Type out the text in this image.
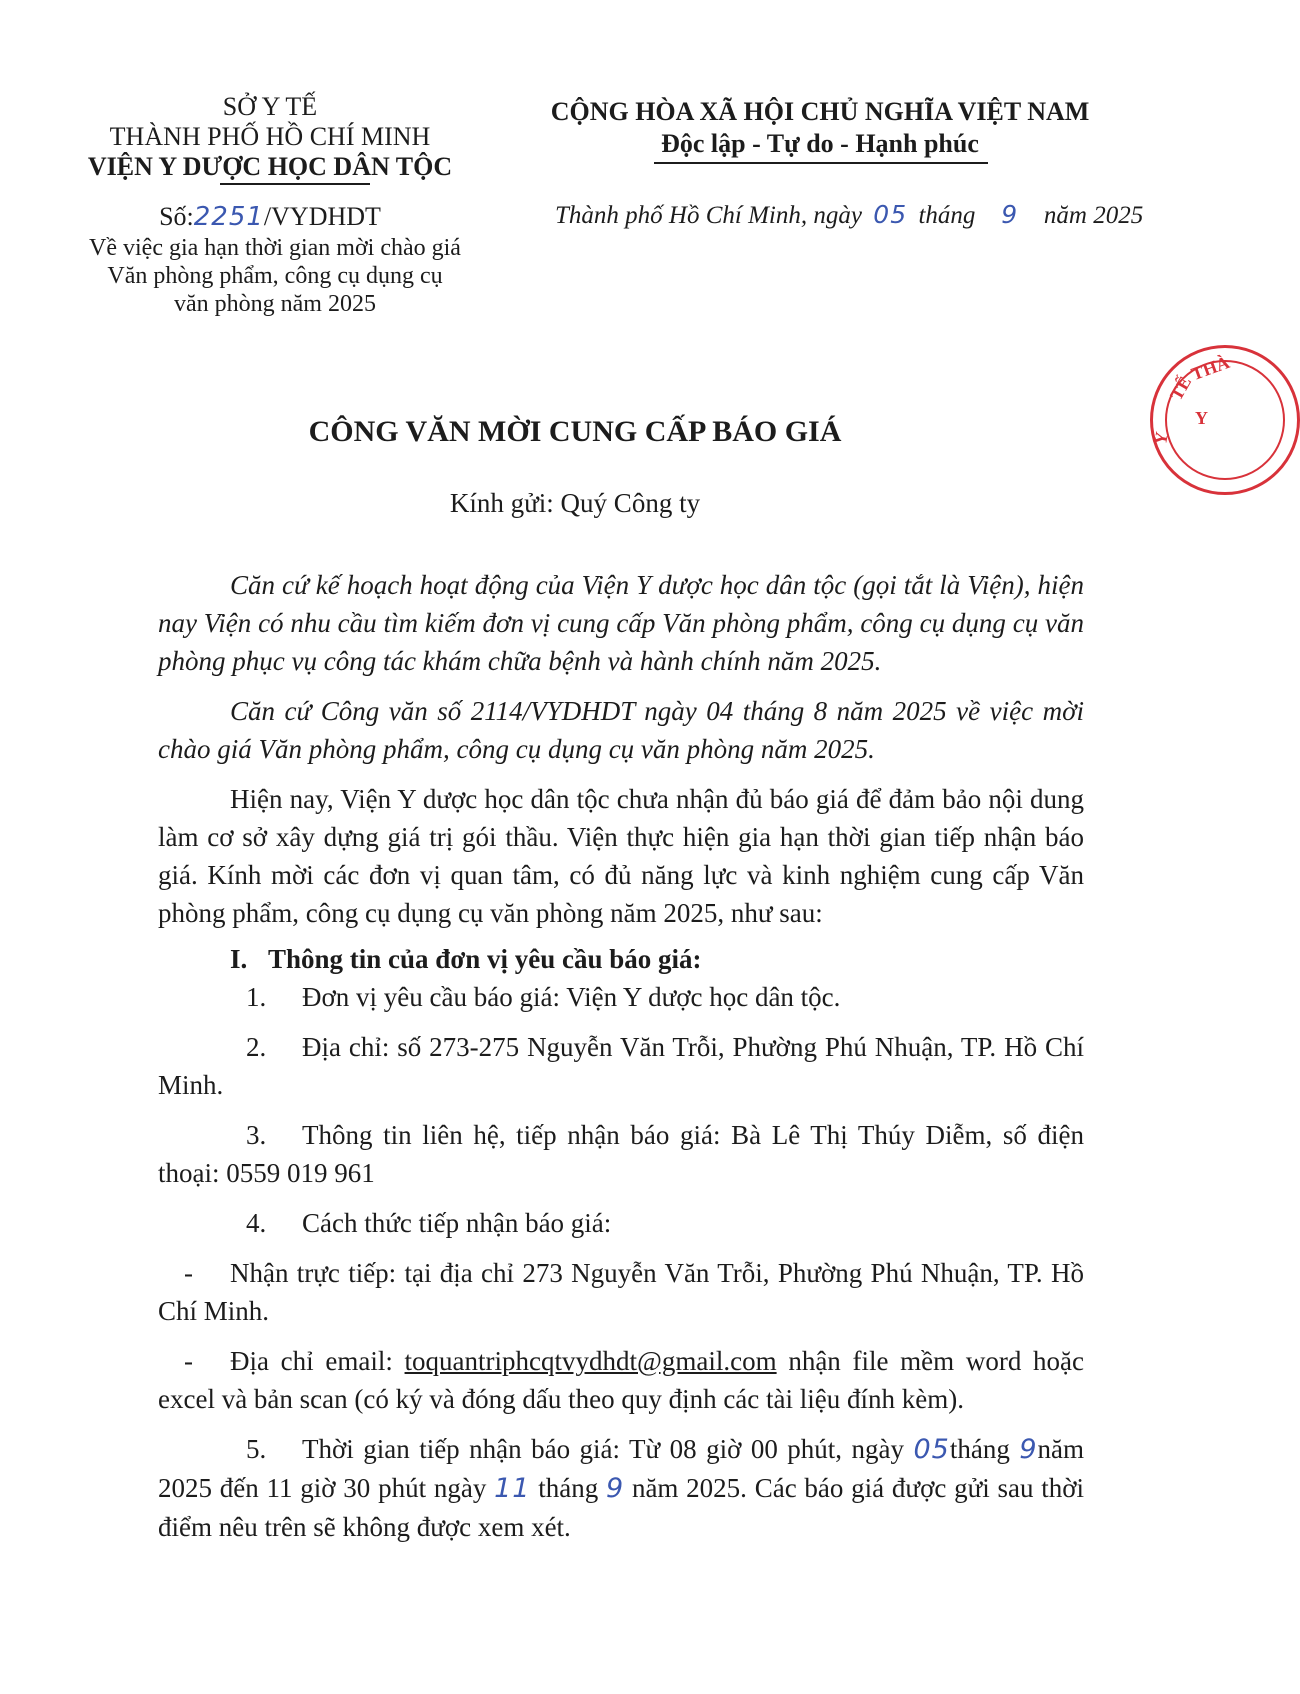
SỞ Y TẾ
THÀNH PHỐ HỒ CHÍ MINH
VIỆN Y DƯỢC HỌC DÂN TỘC
Số:2251/VYDHDT
Về việc gia hạn thời gian mời chào giá
Văn phòng phẩm, công cụ dụng cụ
văn phòng năm 2025
CỘNG HÒA XÃ HỘI CHỦ NGHĨA VIỆT NAM
Độc lập - Tự do - Hạnh phúc
Thành phố Hồ Chí Minh, ngày 05 tháng 9 năm 2025
TẾ
THÀ
Y
Y
CÔNG VĂN MỜI CUNG CẤP BÁO GIÁ
Kính gửi: Quý Công ty

Căn cứ kế hoạch hoạt động của Viện Y dược học dân tộc (gọi tắt là Viện), hiện nay Viện có nhu cầu tìm kiếm đơn vị cung cấp Văn phòng phẩm, công cụ dụng cụ văn phòng phục vụ công tác khám chữa bệnh và hành chính năm 2025.

Căn cứ Công văn số 2114/VYDHDT ngày 04 tháng 8 năm 2025 về việc mời chào giá Văn phòng phẩm, công cụ dụng cụ văn phòng năm 2025.

Hiện nay, Viện Y dược học dân tộc chưa nhận đủ báo giá để đảm bảo nội dung làm cơ sở xây dựng giá trị gói thầu. Viện thực hiện gia hạn thời gian tiếp nhận báo giá. Kính mời các đơn vị quan tâm, có đủ năng lực và kinh nghiệm cung cấp Văn phòng phẩm, công cụ dụng cụ văn phòng năm 2025, như sau:

I. Thông tin của đơn vị yêu cầu báo giá:

1. Đơn vị yêu cầu báo giá: Viện Y dược học dân tộc.

2. Địa chỉ: số 273-275 Nguyễn Văn Trỗi, Phường Phú Nhuận, TP. Hồ Chí Minh.

3. Thông tin liên hệ, tiếp nhận báo giá: Bà Lê Thị Thúy Diễm, số điện thoại: 0559 019 961

4. Cách thức tiếp nhận báo giá:

- Nhận trực tiếp: tại địa chỉ 273 Nguyễn Văn Trỗi, Phường Phú Nhuận, TP. Hồ Chí Minh.

- Địa chỉ email: toquantriphcqtvydhdt@gmail.com nhận file mềm word hoặc excel và bản scan (có ký và đóng dấu theo quy định các tài liệu đính kèm).

5. Thời gian tiếp nhận báo giá: Từ 08 giờ 00 phút, ngày 05tháng 9năm 2025 đến 11 giờ 30 phút ngày 11 tháng 9 năm 2025. Các báo giá được gửi sau thời điểm nêu trên sẽ không được xem xét.
